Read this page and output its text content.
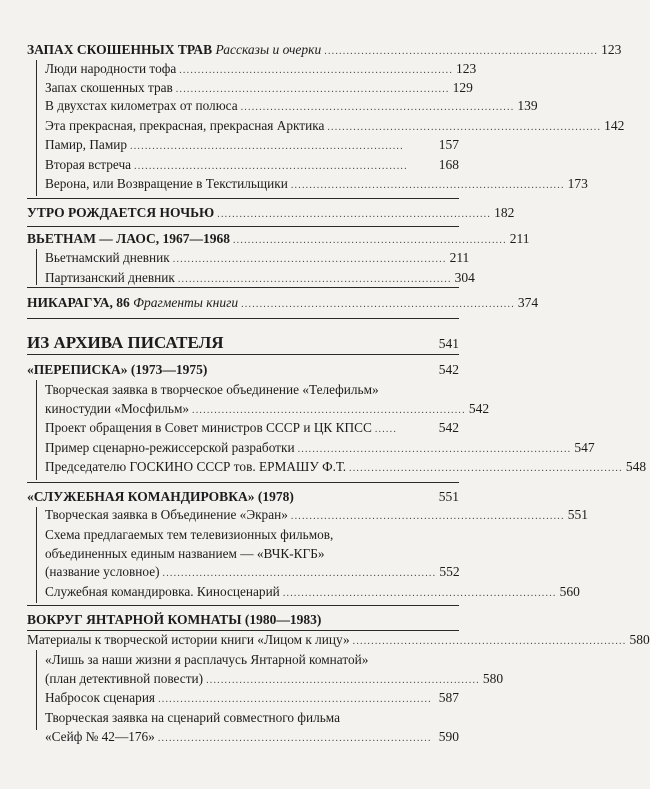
ЗАПАХ СКОШЕННЫХ ТРАВ Рассказы и очерки .......................................................................... 123
Люди народности тофа .......................................................................... 123
Запах скошенных трав .......................................................................... 129
В двухстах километрах от полюса .......................................................................... 139
Эта прекрасная, прекрасная, прекрасная Арктика .......................................................................... 142
Памир, Памир ..........................................................................	157
Вторая встреча ..........................................................................	168
Верона, или Возвращение в Текстильщики .......................................................................... 173
УТРО РОЖДАЕТСЯ НОЧЬЮ .......................................................................... 182
ВЬЕТНАМ — ЛАОС, 1967—1968 .......................................................................... 211
Вьетнамский дневник .......................................................................... 211
Партизанский дневник .......................................................................... 304
НИКАРАГУА, 86 Фрагменты книги .......................................................................... 374
ИЗ АРХИВА ПИСАТЕЛЯ	541
«ПЕРЕПИСКА» (1973—1975)	542
Творческая заявка в творческое объединение «Телефильм»
киностудии «Мосфильм» .......................................................................... 542
Проект обращения в Совет министров СССР и ЦК КПСС ......	542
Пример сценарно-режиссерской разработки .......................................................................... 547
Председателю ГОСКИНО СССР тов. ЕРМАШУ Ф.Т. .......................................................................... 548
«СЛУЖЕБНАЯ КОМАНДИРОВКА» (1978)	551
Творческая заявка в Объединение «Экран» .......................................................................... 551
Схема предлагаемых тем телевизионных фильмов,
объединенных единым названием — «ВЧК-КГБ»
(название условное) .......................................................................... 552
Служебная командировка. Киносценарий .......................................................................... 560
ВОКРУГ ЯНТАРНОЙ КОМНАТЫ (1980—1983)
Материалы к творческой истории книги «Лицом к лицу» .......................................................................... 580
«Лишь за наши жизни я расплачусь Янтарной комнатой»
(план детективной повести) .......................................................................... 580
Набросок сценария .......................................................................... 587
Творческая заявка на сценарий совместного фильма
«Сейф № 42—176» .......................................................................... 590
